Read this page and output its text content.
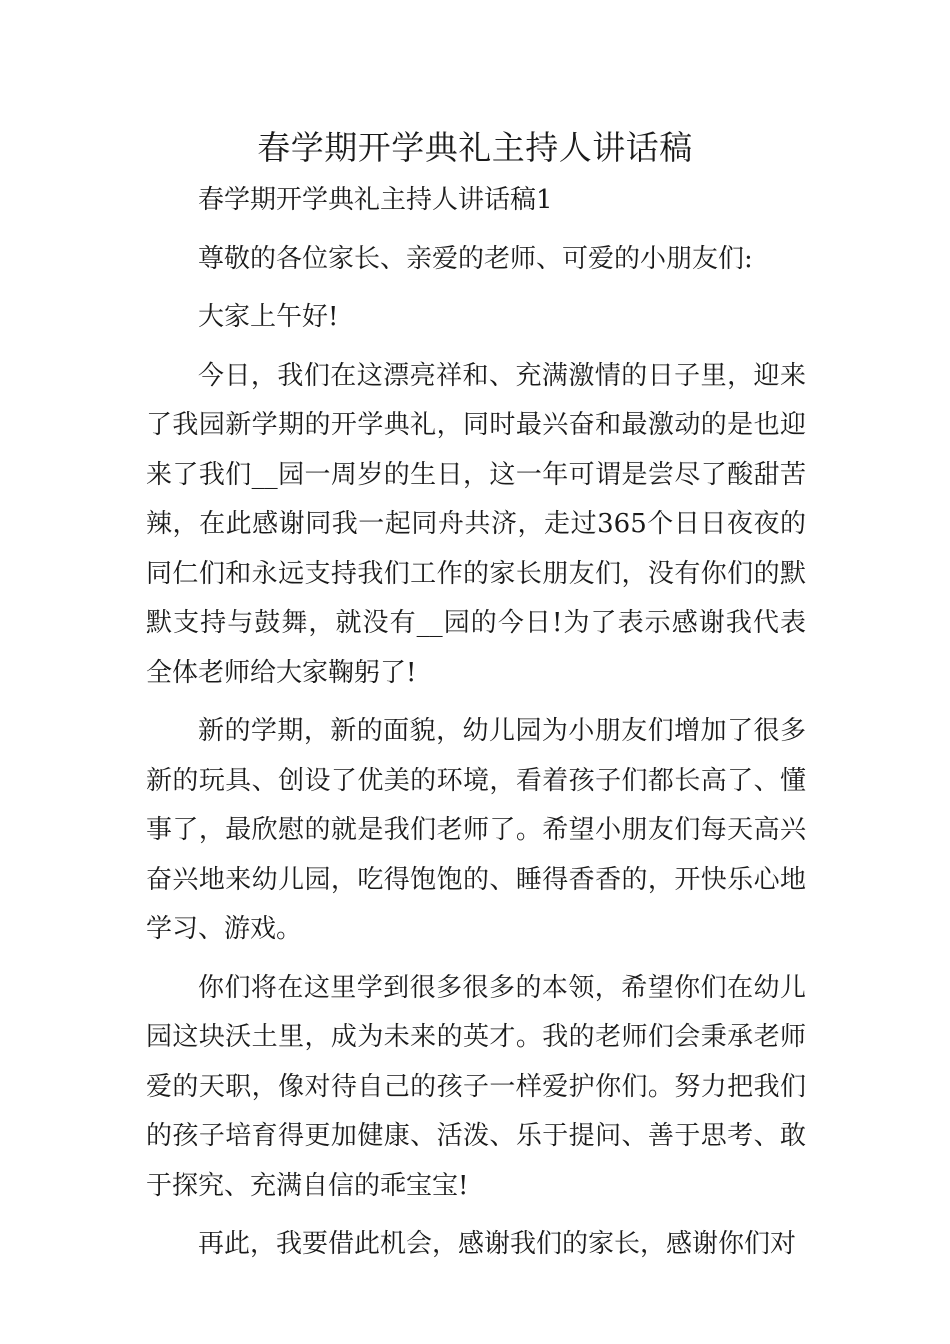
春学期开学典礼主持人讲话稿

春学期开学典礼主持人讲话稿1

尊敬的各位家长、亲爱的老师、可爱的小朋友们:

大家上午好!

今日，我们在这漂亮祥和、充满激情的日子里，迎来了我园新学期的开学典礼，同时最兴奋和最激动的是也迎来了我们__园一周岁的生日，这一年可谓是尝尽了酸甜苦辣，在此感谢同我一起同舟共济，走过365个日日夜夜的同仁们和永远支持我们工作的家长朋友们，没有你们的默默支持与鼓舞，就没有__园的今日!为了表示感谢我代表全体老师给大家鞠躬了!

新的学期，新的面貌，幼儿园为小朋友们增加了很多新的玩具、创设了优美的环境，看着孩子们都长高了、懂事了，最欣慰的就是我们老师了。希望小朋友们每天高兴奋兴地来幼儿园，吃得饱饱的、睡得香香的，开快乐心地学习、游戏。

你们将在这里学到很多很多的本领，希望你们在幼儿园这块沃土里，成为未来的英才。我的老师们会秉承老师爱的天职，像对待自己的孩子一样爱护你们。努力把我们的孩子培育得更加健康、活泼、乐于提问、善于思考、敢于探究、充满自信的乖宝宝!

再此，我要借此机会，感谢我们的家长，感谢你们对
